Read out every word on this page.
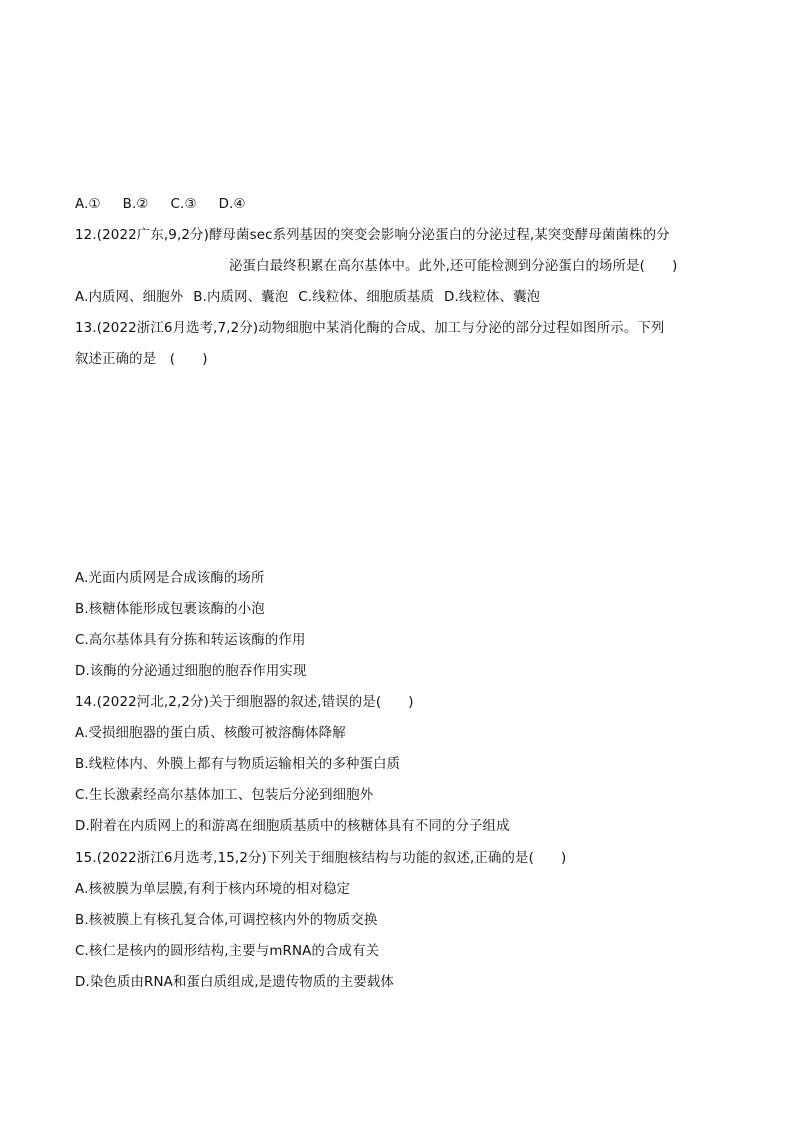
A.① B.② C.③ D.④
12.(2022广东,9,2分)酵母菌sec系列基因的突变会影响分泌蛋白的分泌过程,某突变酵母菌菌株的分
泌蛋白最终积累在高尔基体中。此外,还可能检测到分泌蛋白的场所是(　　)
A.内质网、细胞外 B.内质网、囊泡 C.线粒体、细胞质基质 D.线粒体、囊泡
13.(2022浙江6月选考,7,2分)动物细胞中某消化酶的合成、加工与分泌的部分过程如图所示。下列
叙述正确的是　(　　)
A.光面内质网是合成该酶的场所
B.核糖体能形成包裹该酶的小泡
C.高尔基体具有分拣和转运该酶的作用
D.该酶的分泌通过细胞的胞吞作用实现
14.(2022河北,2,2分)关于细胞器的叙述,错误的是(　　)
A.受损细胞器的蛋白质、核酸可被溶酶体降解
B.线粒体内、外膜上都有与物质运输相关的多种蛋白质
C.生长激素经高尔基体加工、包装后分泌到细胞外
D.附着在内质网上的和游离在细胞质基质中的核糖体具有不同的分子组成
15.(2022浙江6月选考,15,2分)下列关于细胞核结构与功能的叙述,正确的是(　　)
A.核被膜为单层膜,有利于核内环境的相对稳定
B.核被膜上有核孔复合体,可调控核内外的物质交换
C.核仁是核内的圆形结构,主要与mRNA的合成有关
D.染色质由RNA和蛋白质组成,是遗传物质的主要载体
